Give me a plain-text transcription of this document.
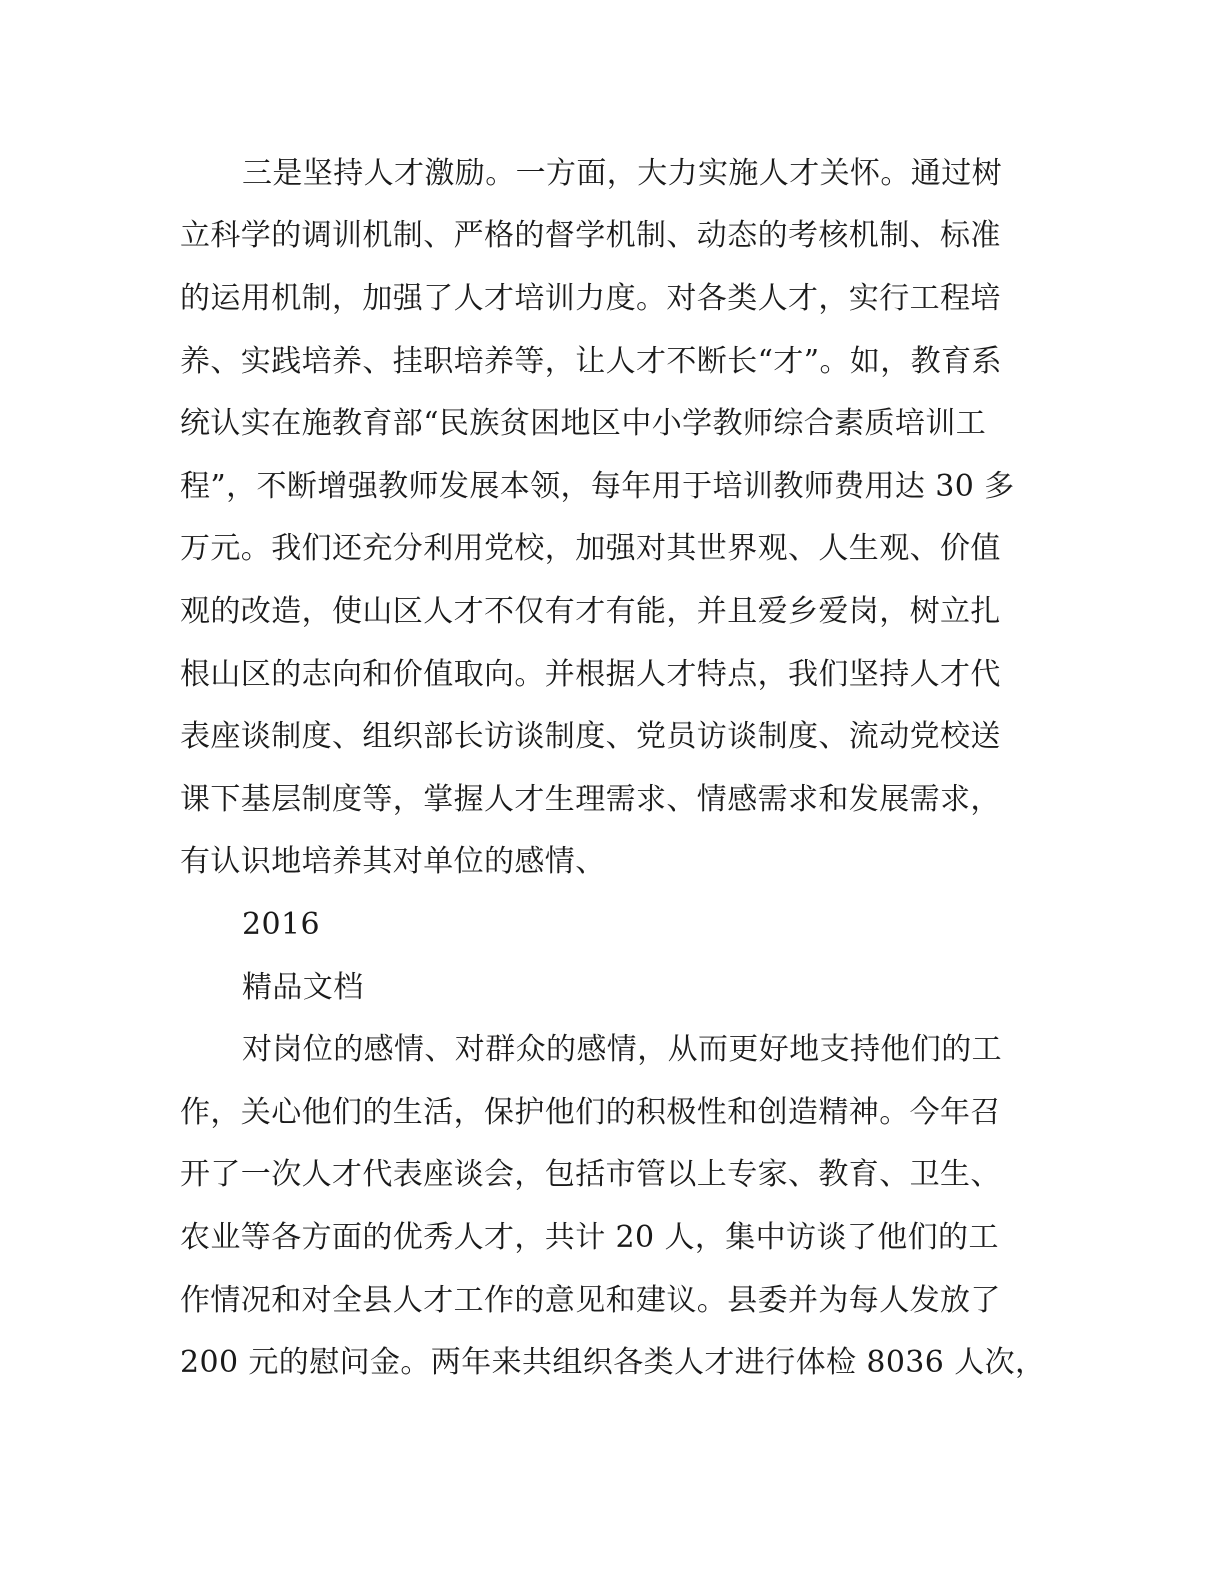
三是坚持人才激励。一方面，大力实施人才关怀。通过树

立科学的调训机制、严格的督学机制、动态的考核机制、标准

的运用机制，加强了人才培训力度。对各类人才，实行工程培

养、实践培养、挂职培养等，让人才不断长“才”。如，教育系

统认实在施教育部“民族贫困地区中小学教师综合素质培训工

程”，不断增强教师发展本领，每年用于培训教师费用达 30 多

万元。我们还充分利用党校，加强对其世界观、人生观、价值

观的改造，使山区人才不仅有才有能，并且爱乡爱岗，树立扎

根山区的志向和价值取向。并根据人才特点，我们坚持人才代

表座谈制度、组织部长访谈制度、党员访谈制度、流动党校送

课下基层制度等，掌握人才生理需求、情感需求和发展需求，

有认识地培养其对单位的感情、

2016

精品文档

对岗位的感情、对群众的感情，从而更好地支持他们的工

作，关心他们的生活，保护他们的积极性和创造精神。今年召

开了一次人才代表座谈会，包括市管以上专家、教育、卫生、

农业等各方面的优秀人才，共计 20 人，集中访谈了他们的工

作情况和对全县人才工作的意见和建议。县委并为每人发放了

200 元的慰问金。两年来共组织各类人才进行体检 8036 人次，
